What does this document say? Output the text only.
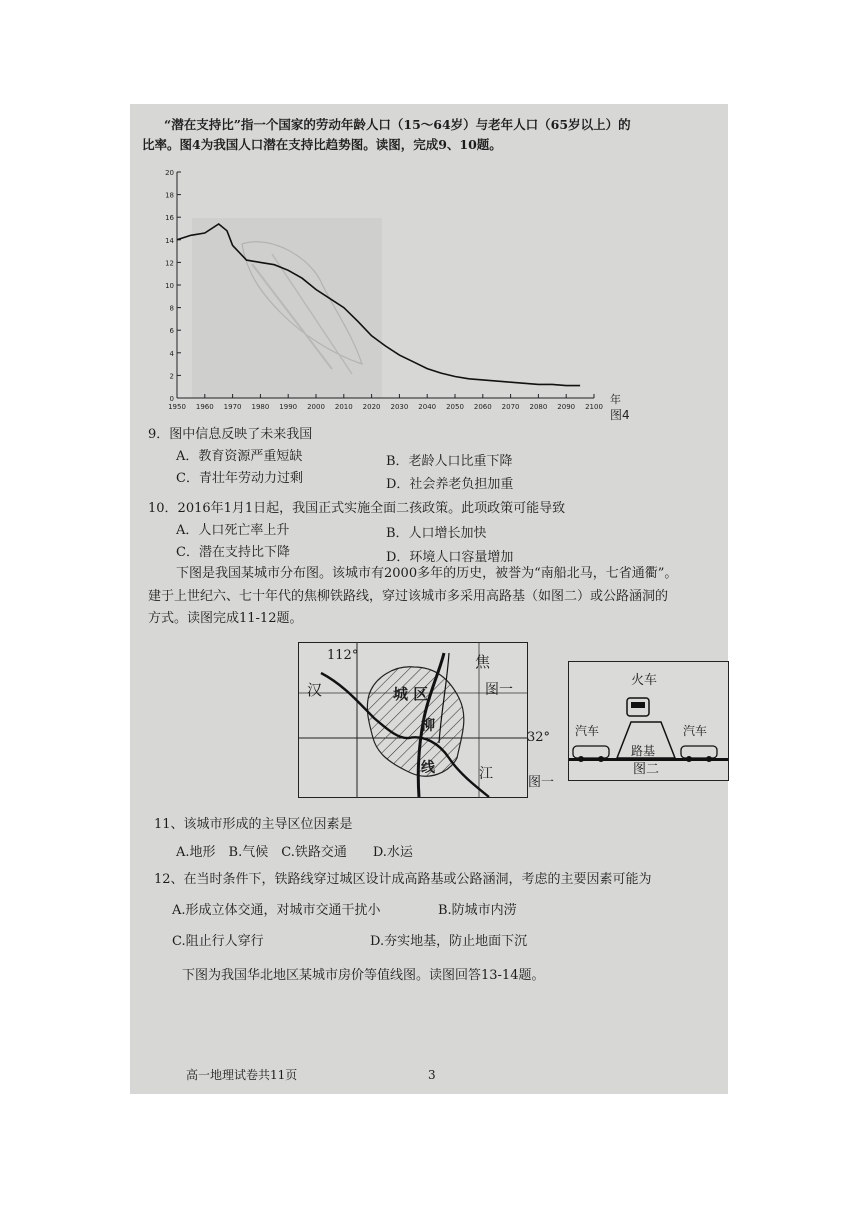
“潜在支持比”指一个国家的劳动年龄人口（15～64岁）与老年人口（65岁以上）的
比率。图4为我国人口潜在支持比趋势图。读图，完成9、10题。
0
2
4
6
8
10
12
14
16
18
20
1950 1960 1970 1980 1990 2000 2010 2020 2030 2040 2050 2060 2070 2080 2090 2100
年
图4
9．图中信息反映了未来我国
A．教育资源严重短缺	B．老龄人口比重下降
C．青壮年劳动力过剩	D．社会养老负担加重
10．2016年1月1日起，我国正式实施全面二孩政策。此项政策可能导致
A．人口死亡率上升	B．人口增长加快
C．潜在支持比下降	D．环境人口容量增加
下图是我国某城市分布图。该城市有2000多年的历史，被誉为“南船北马，七省通衢”。
建于上世纪六、七十年代的焦柳铁路线，穿过该城市多采用高路基（如图二）或公路涵洞的
方式。读图完成11-12题。
112°
32°
汉	城 区
焦
图一
柳
线	江
图一
火车
汽车	汽车
路基
图二
11、该城市形成的主导区位因素是
A.地形　B.气候　C.铁路交通　　D.水运
12、在当时条件下，铁路线穿过城区设计成高路基或公路涵洞，考虑的主要因素可能为
A.形成立体交通，对城市交通干扰小	B.防城市内涝
C.阻止行人穿行	D.夯实地基，防止地面下沉
下图为我国华北地区某城市房价等值线图。读图回答13-14题。
高一地理试卷共11页	3
